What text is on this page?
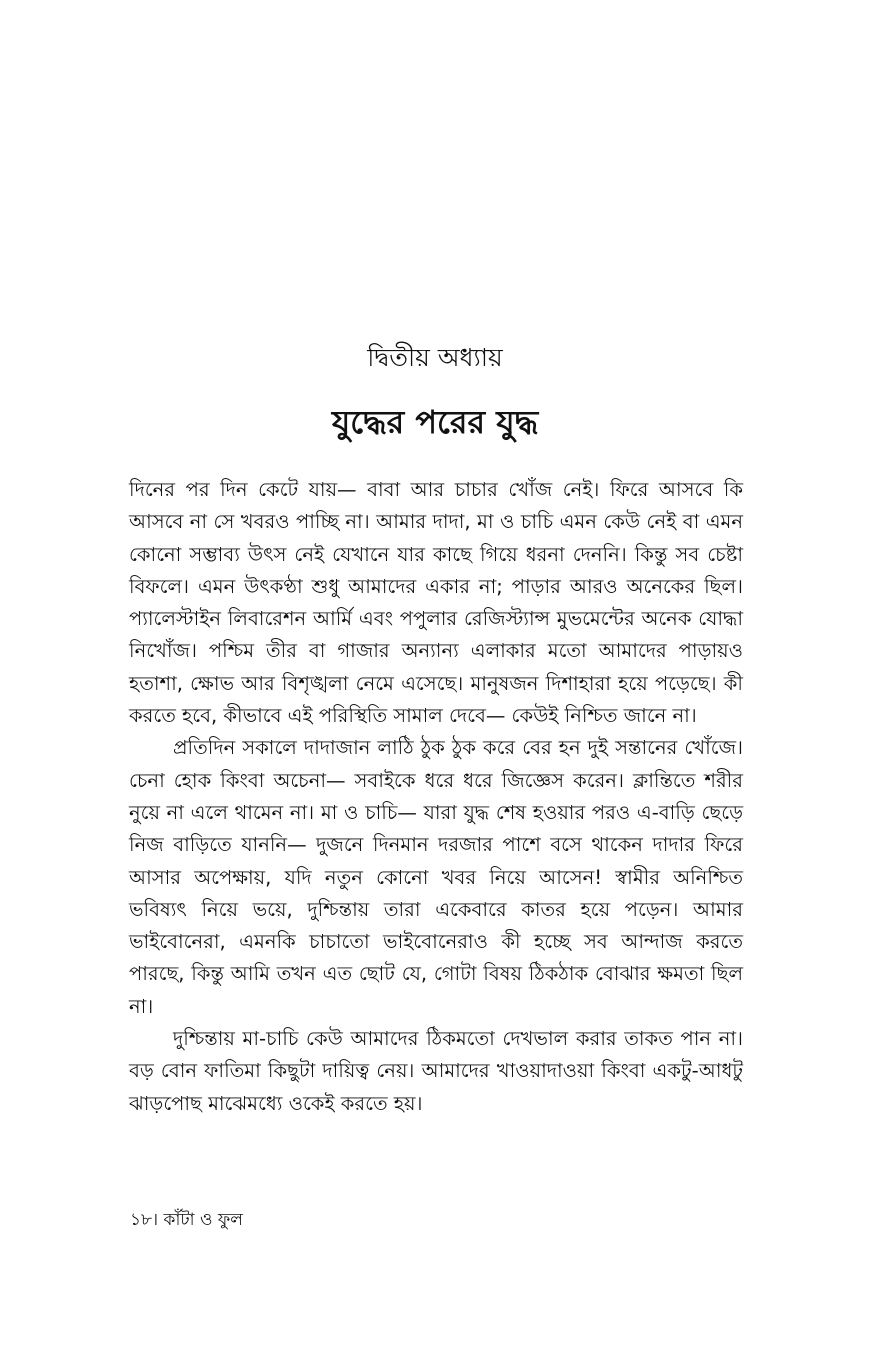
দ্বিতীয় অধ্যায়
যুদ্ধের পরের যুদ্ধ

দিনের পর দিন কেটে যায়— বাবা আর চাচার খোঁজ নেই। ফিরে আসবে কি আসবে না সে খবরও পাচ্ছি না। আমার দাদা, মা ও চাচি এমন কেউ নেই বা এমন কোনো সম্ভাব্য উৎস নেই যেখানে যার কাছে গিয়ে ধরনা দেননি। কিন্তু সব চেষ্টা বিফলে। এমন উৎকণ্ঠা শুধু আমাদের একার না; পাড়ার আরও অনেকের ছিল। প্যালেস্টাইন লিবারেশন আর্মি এবং পপুলার রেজিস্ট্যান্স মুভমেন্টের অনেক যোদ্ধা নিখোঁজ। পশ্চিম তীর বা গাজার অন্যান্য এলাকার মতো আমাদের পাড়ায়ও হতাশা, ক্ষোভ আর বিশৃঙ্খলা নেমে এসেছে। মানুষজন দিশাহারা হয়ে পড়েছে। কী করতে হবে, কীভাবে এই পরিস্থিতি সামাল দেবে— কেউই নিশ্চিত জানে না।

প্রতিদিন সকালে দাদাজান লাঠি ঠুক ঠুক করে বের হন দুই সন্তানের খোঁজে। চেনা হোক কিংবা অচেনা— সবাইকে ধরে ধরে জিজ্ঞেস করেন। ক্লান্তিতে শরীর নুয়ে না এলে থামেন না। মা ও চাচি— যারা যুদ্ধ শেষ হওয়ার পরও এ-বাড়ি ছেড়ে নিজ বাড়িতে যাননি— দুজনে দিনমান দরজার পাশে বসে থাকেন দাদার ফিরে আসার অপেক্ষায়, যদি নতুন কোনো খবর নিয়ে আসেন! স্বামীর অনিশ্চিত ভবিষ্যৎ নিয়ে ভয়ে, দুশ্চিন্তায় তারা একেবারে কাতর হয়ে পড়েন। আমার ভাইবোনেরা, এমনকি চাচাতো ভাইবোনেরাও কী হচ্ছে সব আন্দাজ করতে পারছে, কিন্তু আমি তখন এত ছোট যে, গোটা বিষয় ঠিকঠাক বোঝার ক্ষমতা ছিল না।

দুশ্চিন্তায় মা-চাচি কেউ আমাদের ঠিকমতো দেখভাল করার তাকত পান না। বড় বোন ফাতিমা কিছুটা দায়িত্ব নেয়। আমাদের খাওয়াদাওয়া কিংবা একটু-আধটু ঝাড়পোছ মাঝেমধ্যে ওকেই করতে হয়।

১৮। কাঁটা ও ফুল
